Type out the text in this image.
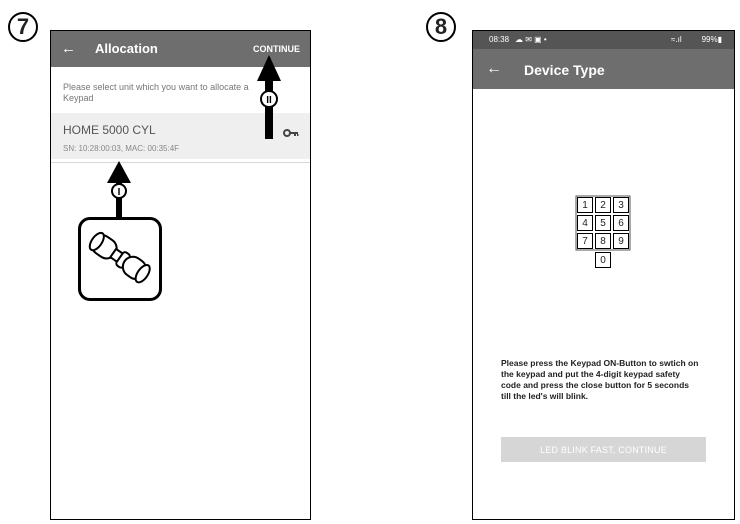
7	8
← Allocation	CONTINUE
Please select unit which you want to allocate a Keypad
HOME 5000 CYL
SN: 10:28:00:03, MAC: 00:35:4F
I
II
08:38 ☁ ✉ ▣ •	≈.ıl 99%▮
← Device Type
1	2	3
4	5	6
7	8	9
0
Please press the Keypad ON-Button to swtich on the keypad and put the 4-digit keypad safety code and press the close button for 5 seconds till the led's will blink.
LED BLINK FAST, CONTINUE
